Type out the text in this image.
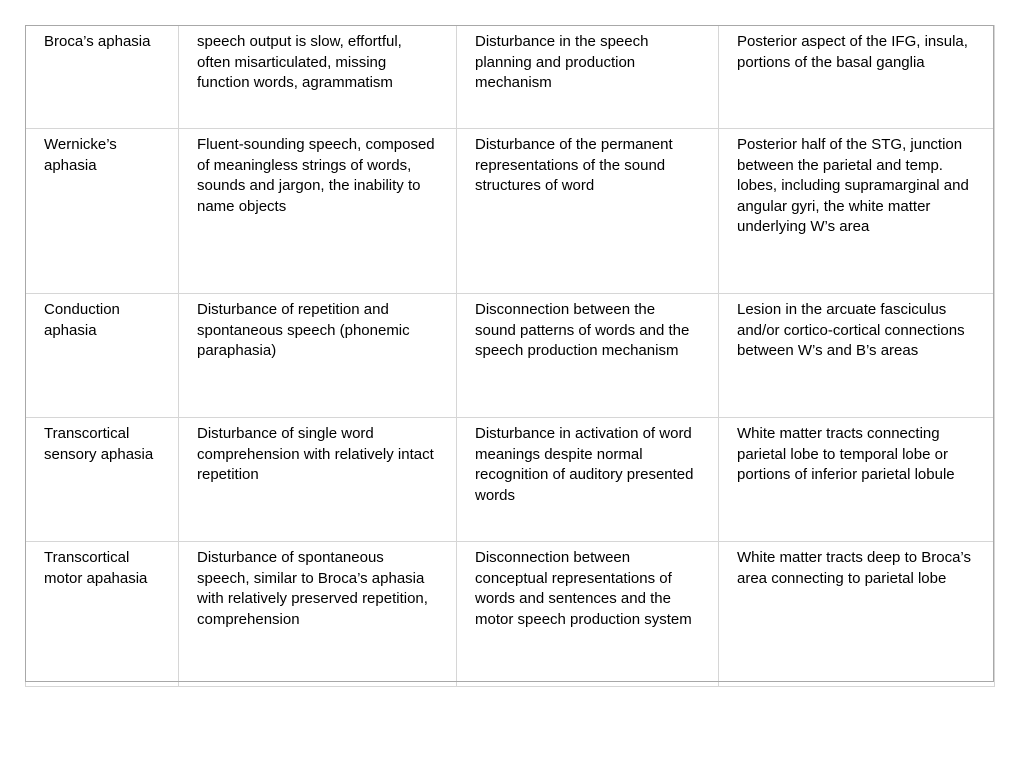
Broca’s aphasia	speech output is slow, effortful, often misarticulated, missing function words, agrammatism	Disturbance in the speech planning and production mechanism	Posterior aspect of the IFG, insula, portions of the basal ganglia
Wernicke’s aphasia	Fluent-sounding speech, composed of meaningless strings of words, sounds and jargon, the inability to name objects	Disturbance of the permanent representations of the sound structures of word	Posterior half of the STG, junction between the parietal and temp. lobes, including supramarginal and angular gyri, the white matter underlying W’s area
Conduction aphasia	Disturbance of repetition and spontaneous speech (phonemic paraphasia)	Disconnection between the sound patterns of words and the speech production mechanism	Lesion in the arcuate fasciculus and/or cortico-cortical connections between W’s and B’s areas
Transcortical sensory aphasia	Disturbance of single word comprehension with relatively intact repetition	Disturbance in activation of word meanings despite normal recognition of auditory presented words	White matter tracts connecting parietal lobe to temporal lobe or portions of inferior parietal lobule
Transcortical motor apahasia	Disturbance of spontaneous speech, similar to Broca’s aphasia with relatively preserved repetition, comprehension	Disconnection between conceptual representations of words and sentences and the motor speech production system	White matter tracts deep to Broca’s area connecting to parietal lobe
